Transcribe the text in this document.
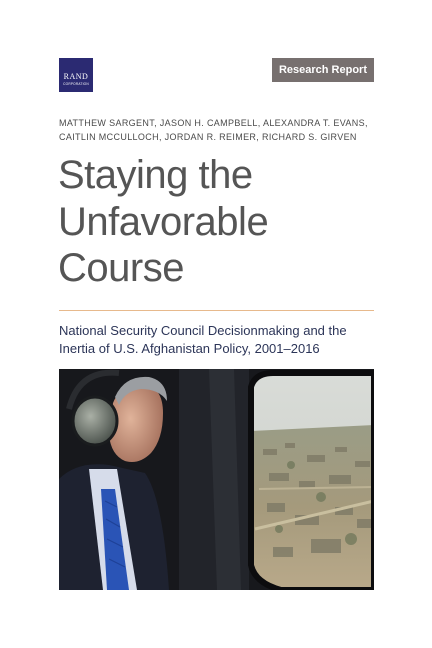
RAND
CORPORATION
Research Report
MATTHEW SARGENT, JASON H. CAMPBELL, ALEXANDRA T. EVANS,
CAITLIN MCCULLOCH, JORDAN R. REIMER, RICHARD S. GIRVEN
Staying the
Unfavorable
Course
National Security Council Decisionmaking and the
Inertia of U.S. Afghanistan Policy, 2001–2016
